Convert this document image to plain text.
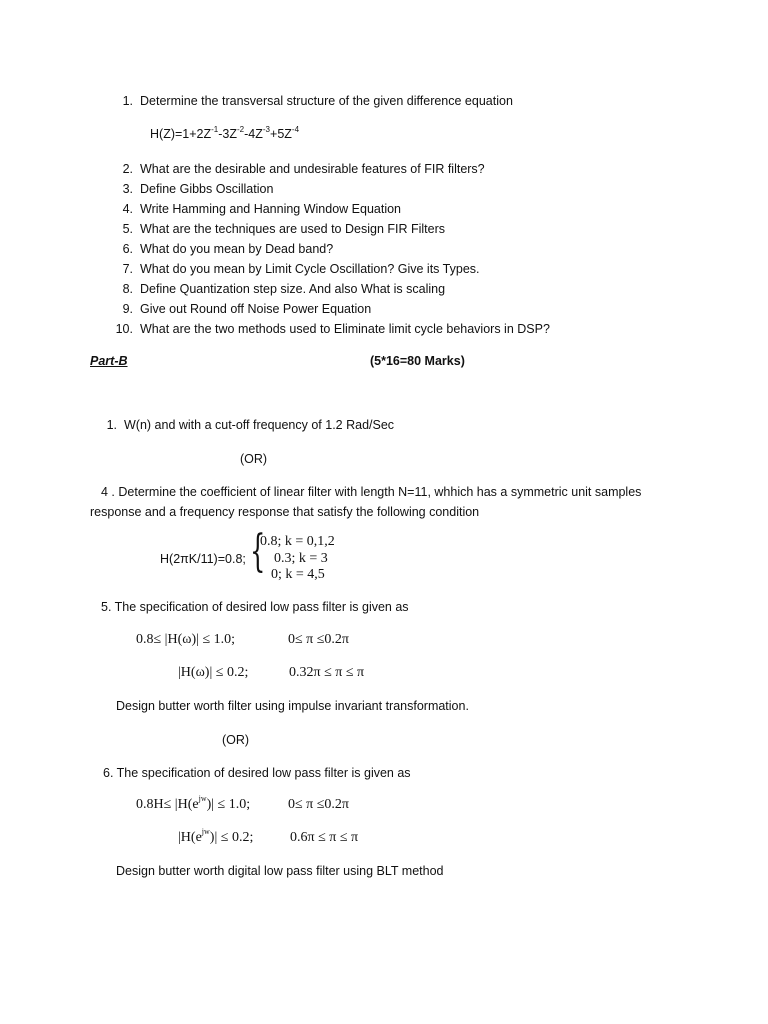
1. Determine the transversal structure of the given difference equation
$H(Z)=1+2Z^{-1}-3Z^{-2}-4Z^{-3}+5Z^{-4}$
2. What are the desirable and undesirable features of FIR filters?
3. Define Gibbs Oscillation
4. Write Hamming and Hanning Window Equation
5. What are the techniques are used to Design FIR Filters
6. What do you mean by Dead band?
7. What do you mean by Limit Cycle Oscillation? Give its Types.
8. Define Quantization step size. And also What is scaling
9. Give out Round off Noise Power Equation
10. What are the two methods used to Eliminate limit cycle behaviors in DSP?
Part-B	(5*16=80 Marks)
1. W(n) and with a cut-off frequency of 1.2 Rad/Sec
(OR)
4 . Determine the coefficient of linear filter with length N=11, whhich has a symmetric unit samples
response and a frequency response that satisfy the following condition
H(2πK/11)=0.8; {
0.8; k = 0,1,2
0.3; k = 3
0; k = 4,5
5. The specification of desired low pass filter is given as
0.8≤ |H(ω)| ≤ 1.0;	0≤ π ≤0.2π
|H(ω)| ≤ 0.2;	0.32π ≤ π ≤ π
Design butter worth filter using impulse invariant transformation.
(OR)
6. The specification of desired low pass filter is given as
$0.8H\le |H(e^{jw})| \le 1.0$;	0≤ π ≤0.2π
$|H(e^{jw})| \le 0.2$;	0.6π ≤ π ≤ π
Design butter worth digital low pass filter using BLT method
